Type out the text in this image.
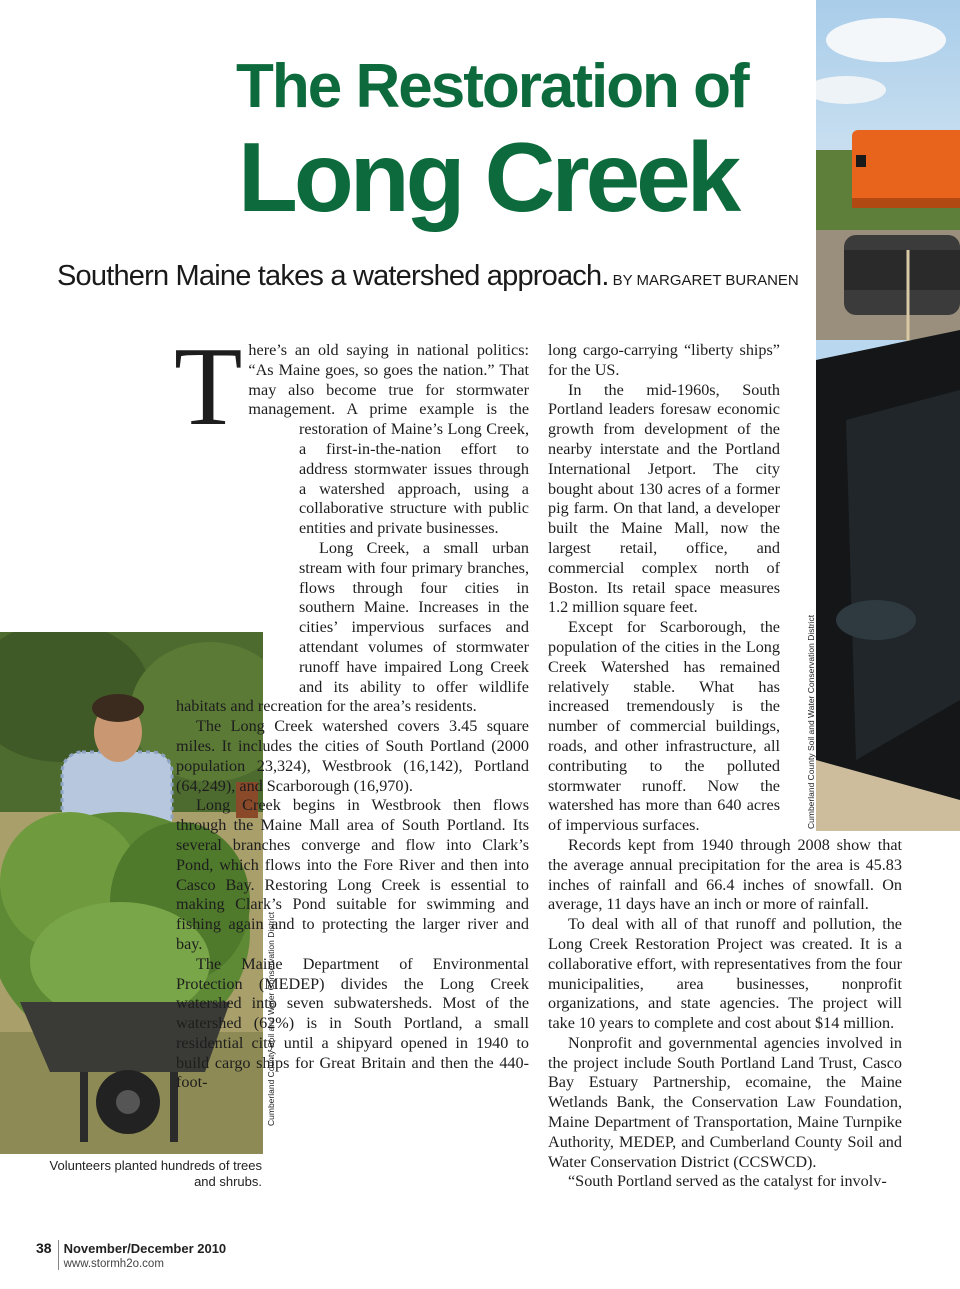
Cumberland County Soil and Water Conservation District
The Restoration of
Long Creek
Southern Maine takes a watershed approach. BY MARGARET BURANEN
Cumberland County Soil and Water Conservation District
Volunteers planted hundreds of trees and shrubs.
T here’s an old saying in national politics: “As Maine goes, so goes the nation.” That may also become true for stormwater management. A prime example is the restoration of Maine’s Long Creek, a first-in-the-nation effort to address stormwater issues through a watershed approach, using a collaborative structure with public entities and private businesses.

Long Creek, a small urban stream with four primary branches, flows through four cities in southern Maine. Increases in the cities’ impervious surfaces and attendant volumes of stormwater runoff have impaired Long Creek and its ability to offer wildlife habitats and recreation for the area’s residents.

The Long Creek watershed covers 3.45 square miles. It includes the cities of South Portland (2000 population 23,324), Westbrook (16,142), Portland (64,249), and Scarborough (16,970).

Long Creek begins in Westbrook then flows through the Maine Mall area of South Portland. Its several branches converge and flow into Clark’s Pond, which flows into the Fore River and then into Casco Bay. Restoring Long Creek is essential to making Clark’s Pond suitable for swimming and fishing again and to protecting the larger river and bay.

The Maine Department of Environmental Protection (MEDEP) divides the Long Creek watershed into seven subwatersheds. Most of the watershed (62%) is in South Portland, a small residential city until a shipyard opened in 1940 to build cargo ships for Great Britain and then the 440-foot-

long cargo-carrying “liberty ships” for the US.

In the mid-1960s, South Portland leaders foresaw economic growth from development of the nearby interstate and the Portland International Jetport. The city bought about 130 acres of a former pig farm. On that land, a developer built the Maine Mall, now the largest retail, office, and commercial complex north of Boston. Its retail space measures 1.2 million square feet.

Except for Scarborough, the population of the cities in the Long Creek Watershed has remained relatively stable. What has increased tremendously is the number of commercial buildings, roads, and other infrastructure, all contributing to the polluted stormwater runoff. Now the watershed has more than 640 acres of impervious surfaces.

Records kept from 1940 through 2008 show that the average annual precipitation for the area is 45.83 inches of rainfall and 66.4 inches of snowfall. On average, 11 days have an inch or more of rainfall.

To deal with all of that runoff and pollution, the Long Creek Restoration Project was created. It is a collaborative effort, with representatives from the four municipalities, area businesses, nonprofit organizations, and state agencies. The project will take 10 years to complete and cost about $14 million.

Nonprofit and governmental agencies involved in the project include South Portland Land Trust, Casco Bay Estuary Partnership, ecomaine, the Maine Wetlands Bank, the Conservation Law Foundation, Maine Department of Transportation, Maine Turnpike Authority, MEDEP, and Cumberland County Soil and Water Conservation District (CCSWCD).

“South Portland served as the catalyst for involv-

38 November/December 2010
www.stormh2o.com
